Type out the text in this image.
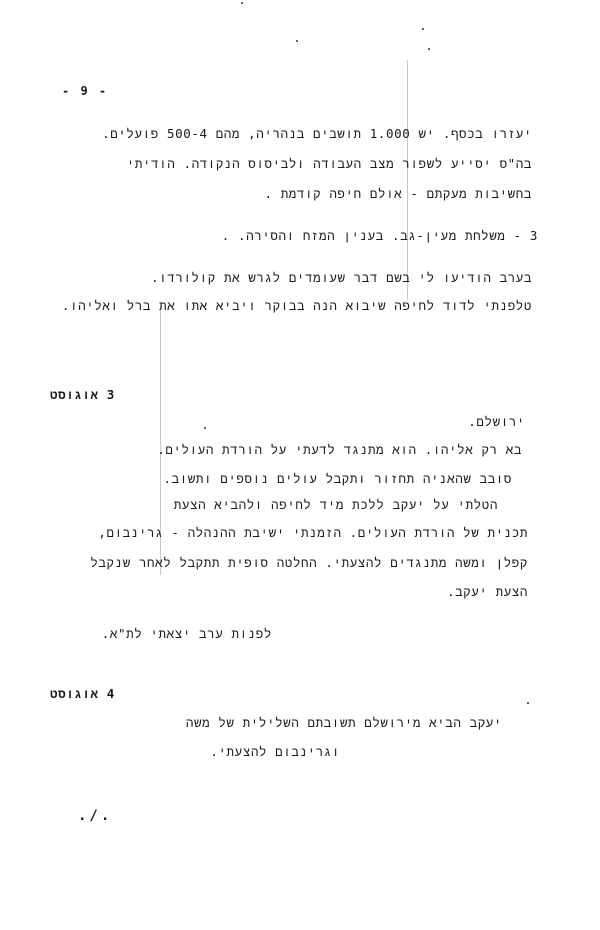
- 9 -
יעזרו בכסף. יש 1.000 תושבים בנהריה, מהם 500-4 פועלים.
בה"ס יסייע לשפור מצב העבודה ולביסוס הנקודה. הודיתי
בחשיבות מעקתם - אולם חיפה קודמת .
3 - משלחת מעין-גב. בענין המזח והסירה. .
בערב הודיעו לי בשם דבר שעומדים לגרש את קולורדו.
טלפנתי לדוד לחיפה שיבוא הנה בבוקר ויביא אתו את ברל ואליהו.
3 אוגוסט
ירושלם.
בא רק אליהו. הוא מתנגד לדעתי על הורדת העולים.
סובב שהאניה תחזור ותקבל עולים נוספים ותשוב.
הטלתי על יעקב ללכת מיד לחיפה ולהביא הצעת
תכנית של הורדת העולים. הזמנתי ישיבת ההנהלה - גרינבום,
קפלן ומשה מתנגדים להצעתי. החלטה סופית תתקבל לאחר שנקבל
הצעת יעקב.
לפנות ערב יצאתי לת"א.
4 אוגוסט
יעקב הביא מירושלם תשובתם השלילית של משה
וגרינבום להצעתי.
./.
